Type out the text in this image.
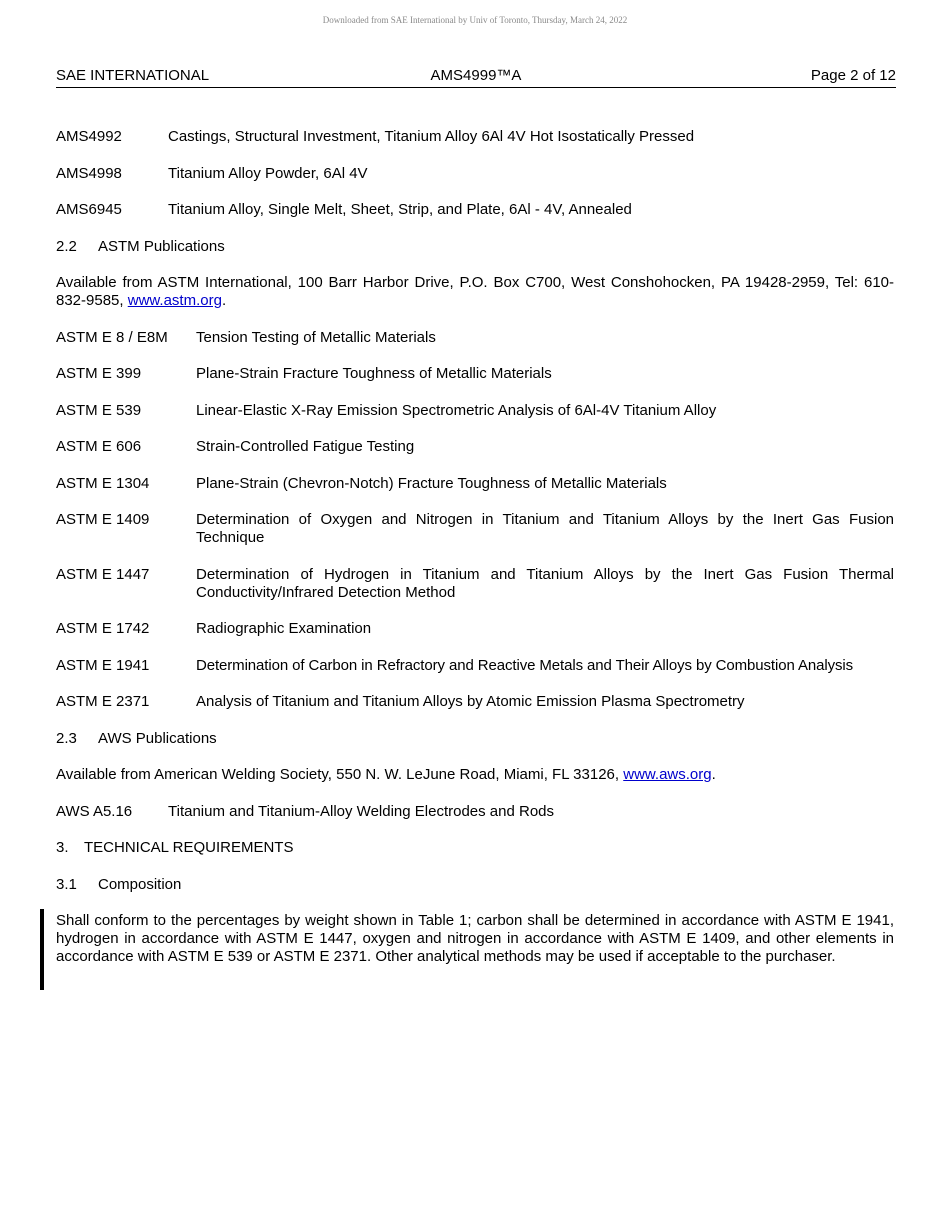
Downloaded from SAE International by Univ of Toronto, Thursday, March 24, 2022
SAE INTERNATIONAL	AMS4999™A	Page 2 of 12
AMS4992	Castings, Structural Investment, Titanium Alloy 6Al 4V Hot Isostatically Pressed
AMS4998	Titanium Alloy Powder, 6Al 4V
AMS6945	Titanium Alloy, Single Melt, Sheet, Strip, and Plate, 6Al - 4V, Annealed
2.2 ASTM Publications
Available from ASTM International, 100 Barr Harbor Drive, P.O. Box C700, West Conshohocken, PA 19428-2959, Tel: 610-832-9585, www.astm.org.
ASTM E 8 / E8M	Tension Testing of Metallic Materials
ASTM E 399	Plane-Strain Fracture Toughness of Metallic Materials
ASTM E 539	Linear-Elastic X-Ray Emission Spectrometric Analysis of 6Al-4V Titanium Alloy
ASTM E 606	Strain-Controlled Fatigue Testing
ASTM E 1304	Plane-Strain (Chevron-Notch) Fracture Toughness of Metallic Materials
ASTM E 1409	Determination of Oxygen and Nitrogen in Titanium and Titanium Alloys by the Inert Gas Fusion Technique
ASTM E 1447	Determination of Hydrogen in Titanium and Titanium Alloys by the Inert Gas Fusion Thermal Conductivity/Infrared Detection Method
ASTM E 1742	Radiographic Examination
ASTM E 1941	Determination of Carbon in Refractory and Reactive Metals and Their Alloys by Combustion Analysis
ASTM E 2371	Analysis of Titanium and Titanium Alloys by Atomic Emission Plasma Spectrometry
2.3 AWS Publications
Available from American Welding Society, 550 N. W. LeJune Road, Miami, FL 33126, www.aws.org.
AWS A5.16	Titanium and Titanium-Alloy Welding Electrodes and Rods
3. TECHNICAL REQUIREMENTS
3.1 Composition
Shall conform to the percentages by weight shown in Table 1; carbon shall be determined in accordance with ASTM E 1941, hydrogen in accordance with ASTM E 1447, oxygen and nitrogen in accordance with ASTM E 1409, and other elements in accordance with ASTM E 539 or ASTM E 2371. Other analytical methods may be used if acceptable to the purchaser.
